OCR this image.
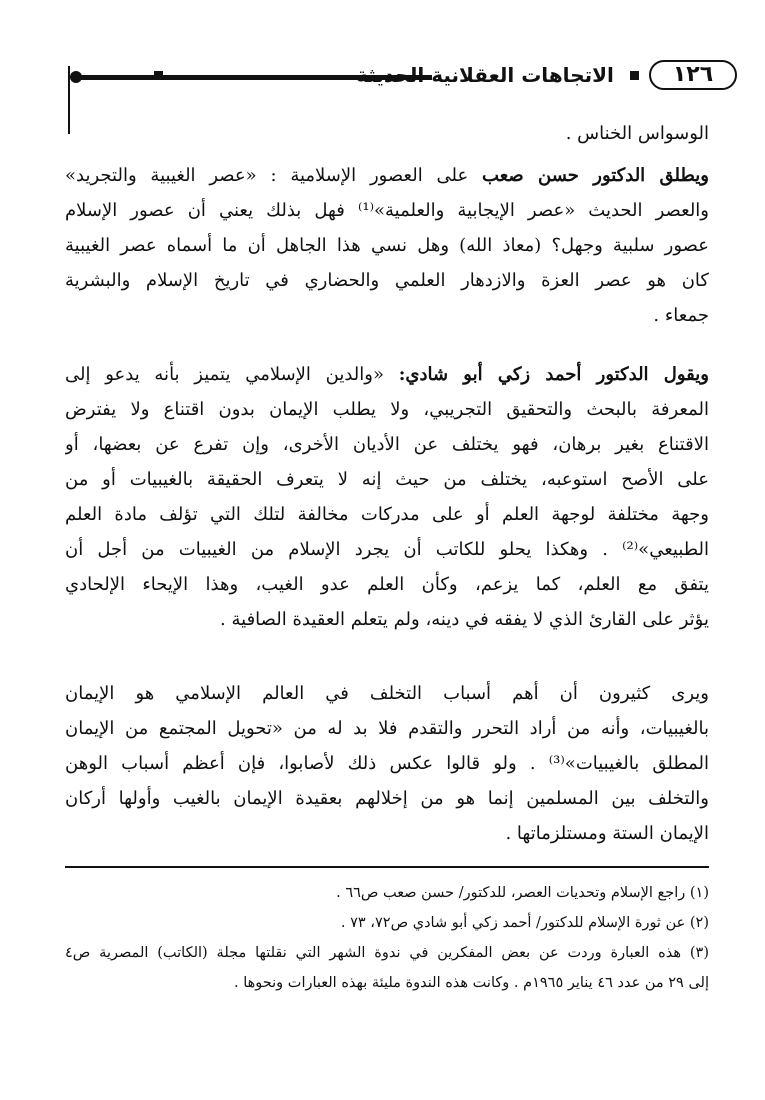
١٢٦
الاتجاهات العقلانية الحديثة
الوسواس الخناس .
ويطلق الدكتور حسن صعب على العصور الإسلامية : «عصر الغيبية والتجريد»
والعصر الحديث «عصر الإيجابية والعلمية»⁽¹⁾ فهل بذلك يعني أن عصور الإسلام
عصور سلبية وجهل؟ (معاذ الله) وهل نسي هذا الجاهل أن ما أسماه عصر الغيبية
كان هو عصر العزة والازدهار العلمي والحضاري في تاريخ الإسلام والبشرية
جمعاء .
ويقول الدكتور أحمد زكي أبو شادي: «والدين الإسلامي يتميز بأنه يدعو إلى
المعرفة بالبحث والتحقيق التجريبي، ولا يطلب الإيمان بدون اقتناع ولا يفترض
الاقتناع بغير برهان، فهو يختلف عن الأديان الأخرى، وإن تفرع عن بعضها، أو
على الأصح استوعبه، يختلف من حيث إنه لا يتعرف الحقيقة بالغيبيات أو من
وجهة مختلفة لوجهة العلم أو على مدركات مخالفة لتلك التي تؤلف مادة العلم
الطبيعي»⁽²⁾ . وهكذا يحلو للكاتب أن يجرد الإسلام من الغيبيات من أجل أن
يتفق مع العلم، كما يزعم، وكأن العلم عدو الغيب، وهذا الإيحاء الإلحادي
يؤثر على القارئ الذي لا يفقه في دينه، ولم يتعلم العقيدة الصافية .
ويرى كثيرون أن أهم أسباب التخلف في العالم الإسلامي هو الإيمان
بالغيبيات، وأنه من أراد التحرر والتقدم فلا بد له من «تحويل المجتمع من الإيمان
المطلق بالغيبيات»⁽³⁾ . ولو قالوا عكس ذلك لأصابوا، فإن أعظم أسباب الوهن
والتخلف بين المسلمين إنما هو من إخلالهم بعقيدة الإيمان بالغيب وأولها أركان
الإيمان الستة ومستلزماتها .
(١) راجع الإسلام وتحديات العصر، للدكتور/ حسن صعب ص٦٦ .
(٢) عن ثورة الإسلام للدكتور/ أحمد زكي أبو شادي ص٧٢، ٧٣ .
(٣) هذه العبارة وردت عن بعض المفكرين في ندوة الشهر التي نقلتها مجلة (الكاتب) المصرية ص٤
إلى ٢٩ من عدد ٤٦ يناير ١٩٦٥م . وكانت هذه الندوة مليئة بهذه العبارات ونحوها .
